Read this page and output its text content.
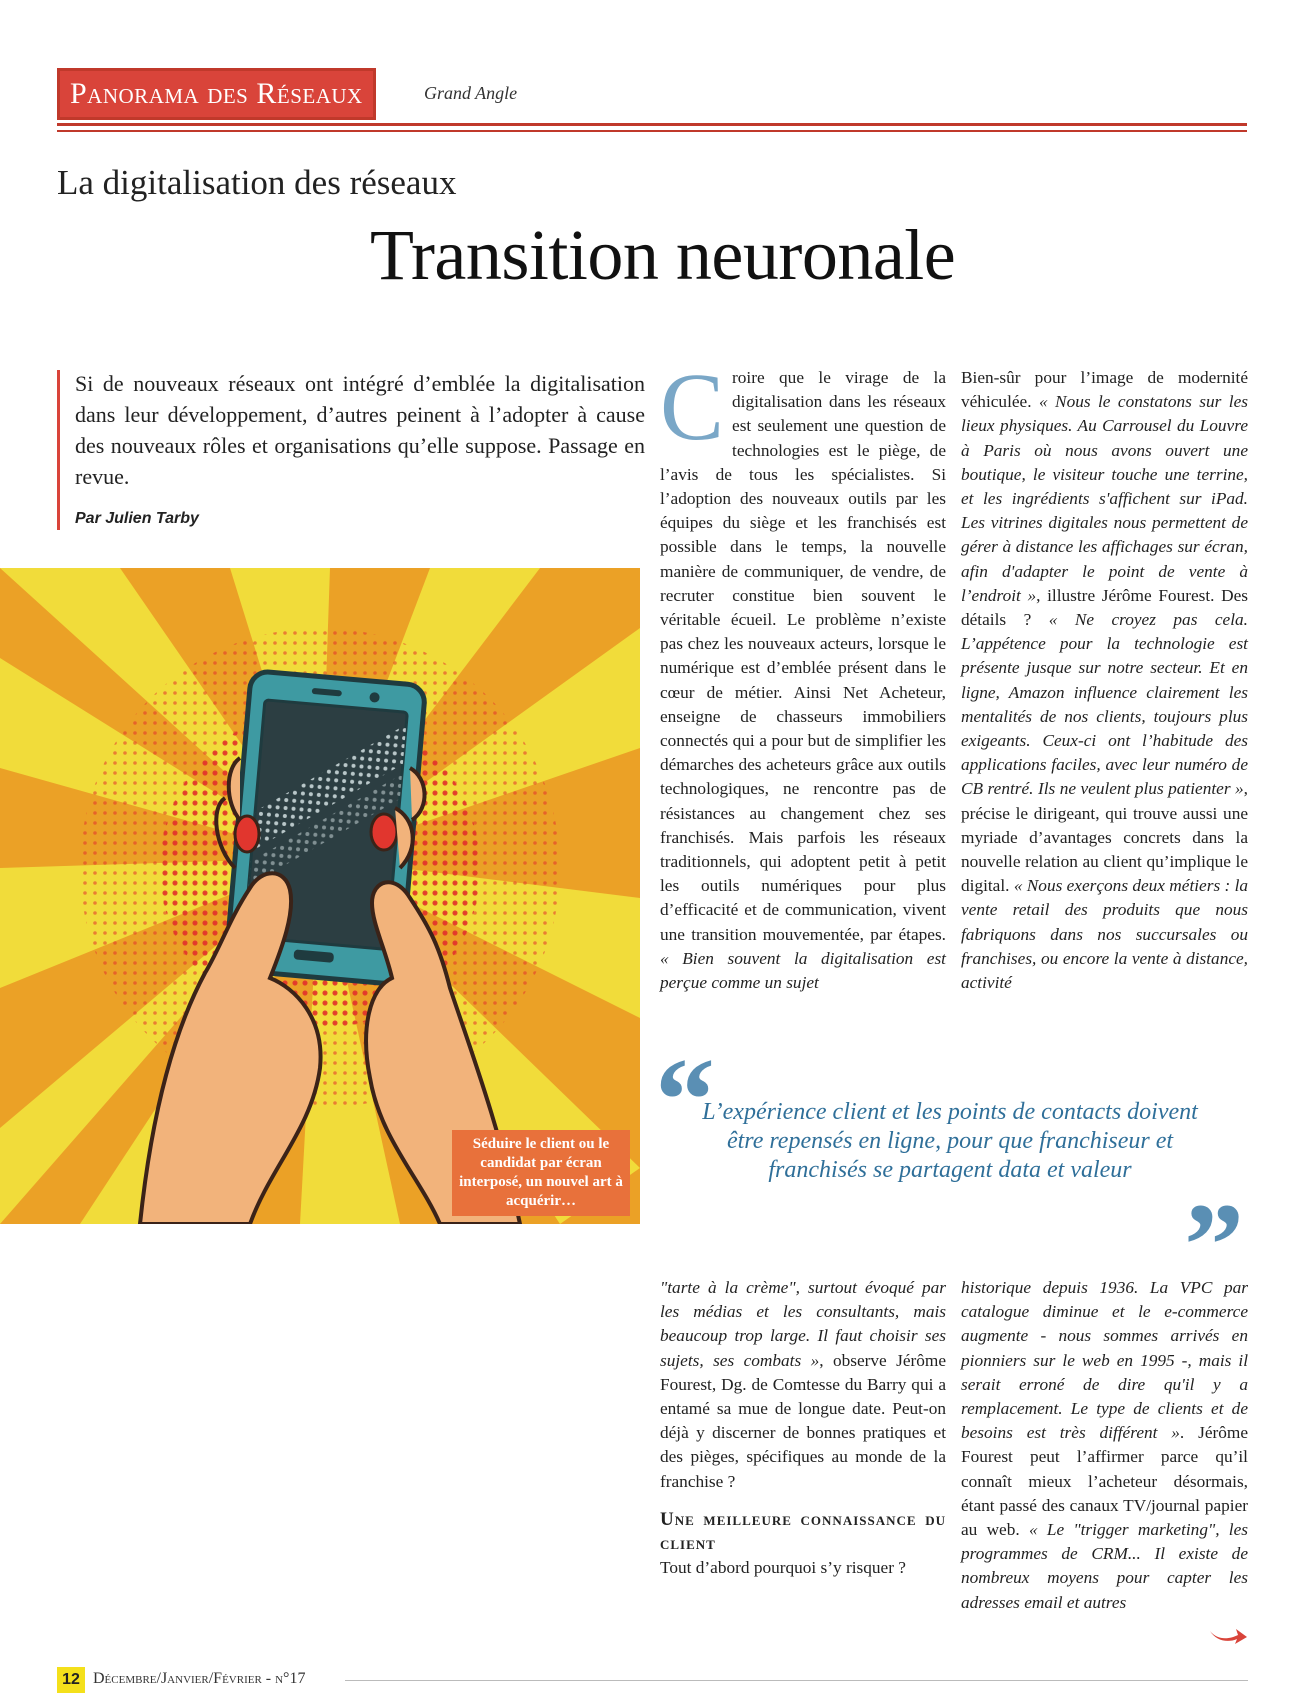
Panorama des Réseaux	Grand Angle
La digitalisation des réseaux
Transition neuronale
Si de nouveaux réseaux ont intégré d’emblée la digitalisation dans leur développement, d’autres peinent à l’adopter à cause des nouveaux rôles et organisations qu’elle suppose. Passage en revue.
Par Julien Tarby
Séduire le client ou le candidat par écran interposé, un nouvel art à acquérir…
C roire que le virage de la digitalisation dans les réseaux est seulement une question de technologies est le piège, de l’avis de tous les spécialistes. Si l’adoption des nouveaux outils par les équipes du siège et les franchisés est possible dans le temps, la nouvelle manière de communiquer, de vendre, de recruter constitue bien souvent le véritable écueil. Le problème n’existe pas chez les nouveaux acteurs, lorsque le numérique est d’emblée présent dans le cœur de métier. Ainsi Net Acheteur, enseigne de chasseurs immobiliers connectés qui a pour but de simplifier les démarches des acheteurs grâce aux outils technologiques, ne rencontre pas de résistances au changement chez ses franchisés. Mais parfois les réseaux traditionnels, qui adoptent petit à petit les outils numériques pour plus d’efficacité et de communication, vivent une transition mouvementée, par étapes. « Bien souvent la digitalisation est perçue comme un sujet
Bien-sûr pour l’image de modernité véhiculée. « Nous le constatons sur les lieux physiques. Au Carrousel du Louvre à Paris où nous avons ouvert une boutique, le visiteur touche une terrine, et les ingrédients s'affichent sur iPad. Les vitrines digitales nous permettent de gérer à distance les affichages sur écran, afin d'adapter le point de vente à l’endroit », illustre Jérôme Fourest. Des détails ? « Ne croyez pas cela. L’appétence pour la technologie est présente jusque sur notre secteur. Et en ligne, Amazon influence clairement les mentalités de nos clients, toujours plus exigeants. Ceux-ci ont l’habitude des applications faciles, avec leur numéro de CB rentré. Ils ne veulent plus patienter », précise le dirigeant, qui trouve aussi une myriade d’avantages concrets dans la nouvelle relation au client qu’implique le digital. « Nous exerçons deux métiers : la vente retail des produits que nous fabriquons dans nos succursales ou franchises, ou encore la vente à distance, activité
“
L’expérience client et les points de contacts doivent être repensés en ligne, pour que franchiseur et franchisés se partagent data et valeur
”
"tarte à la crème", surtout évoqué par les médias et les consultants, mais beaucoup trop large. Il faut choisir ses sujets, ses combats », observe Jérôme Fourest, Dg. de Comtesse du Barry qui a entamé sa mue de longue date. Peut-on déjà y discerner de bonnes pratiques et des pièges, spécifiques au monde de la franchise ?
Une meilleure connaissance du client
Tout d’abord pourquoi s’y risquer ?
historique depuis 1936. La VPC par catalogue diminue et le e-commerce augmente - nous sommes arrivés en pionniers sur le web en 1995 -, mais il serait erroné de dire qu'il y a remplacement. Le type de clients et de besoins est très différent ». Jérôme Fourest peut l’affirmer parce qu’il connaît mieux l’acheteur désormais, étant passé des canaux TV/journal papier au web. « Le "trigger marketing", les programmes de CRM... Il existe de nombreux moyens pour capter les adresses email et autres
12 Décembre/Janvier/Février - n°17
